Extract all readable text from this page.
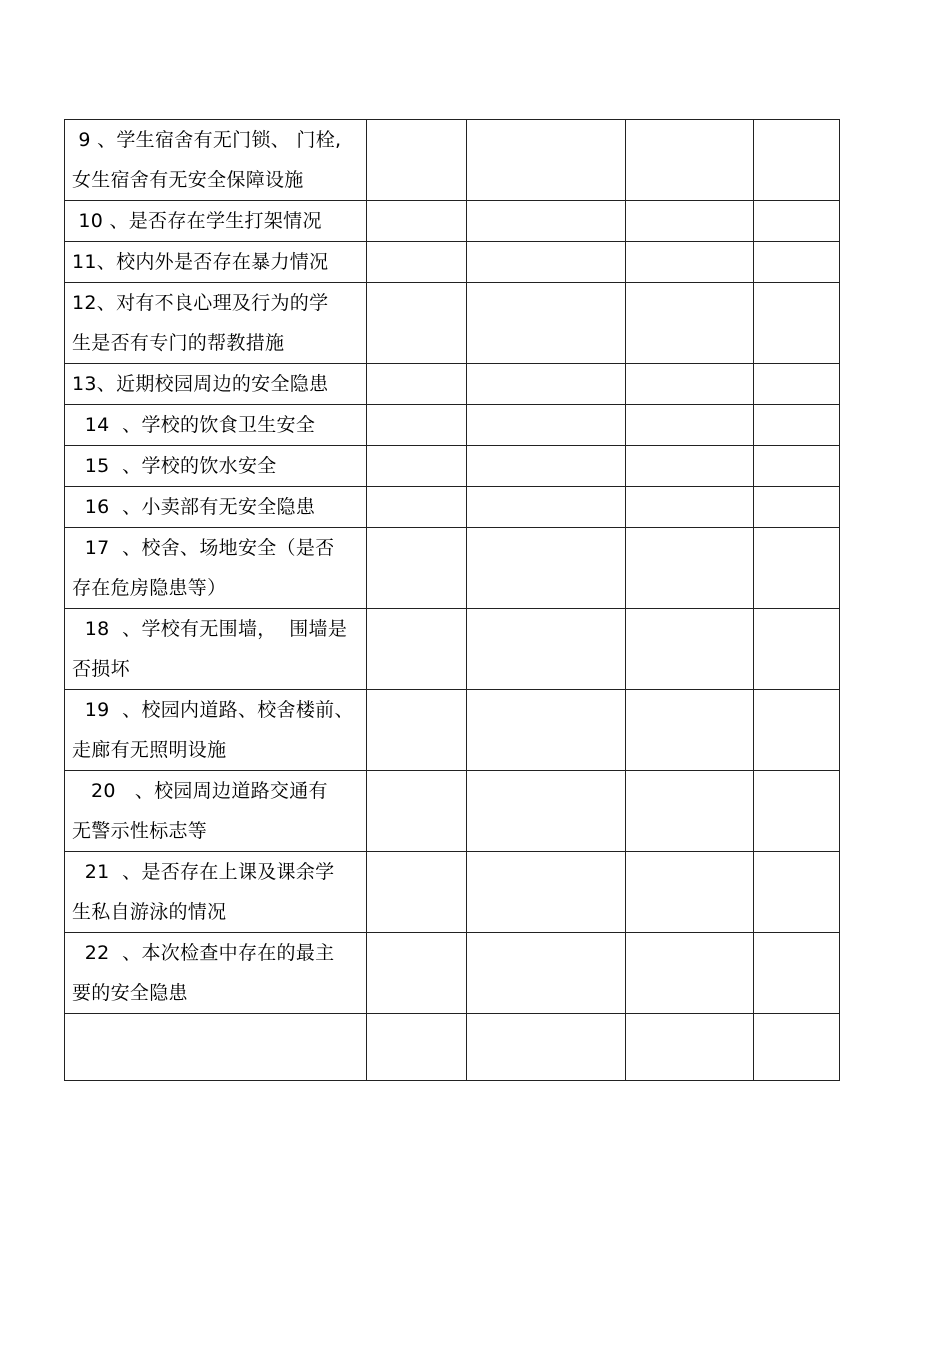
9 、学生宿舍有无门锁、 门栓,
女生宿舍有无安全保障设施				

10 、是否存在学生打架情况				

11、校内外是否存在暴力情况				

12、对有不良心理及行为的学
生是否有专门的帮教措施				

13、近期校园周边的安全隐患				

14  、学校的饮食卫生安全				

15  、学校的饮水安全				

16  、小卖部有无安全隐患				

17  、校舍、场地安全（是否
存在危房隐患等）				

18  、学校有无围墙，  围墙是
否损坏				

19  、校园内道路、校舍楼前、
走廊有无照明设施				

20   、校园周边道路交通有
无警示性标志等				

21  、是否存在上课及课余学
生私自游泳的情况				

22  、本次检查中存在的最主
要的安全隐患				
